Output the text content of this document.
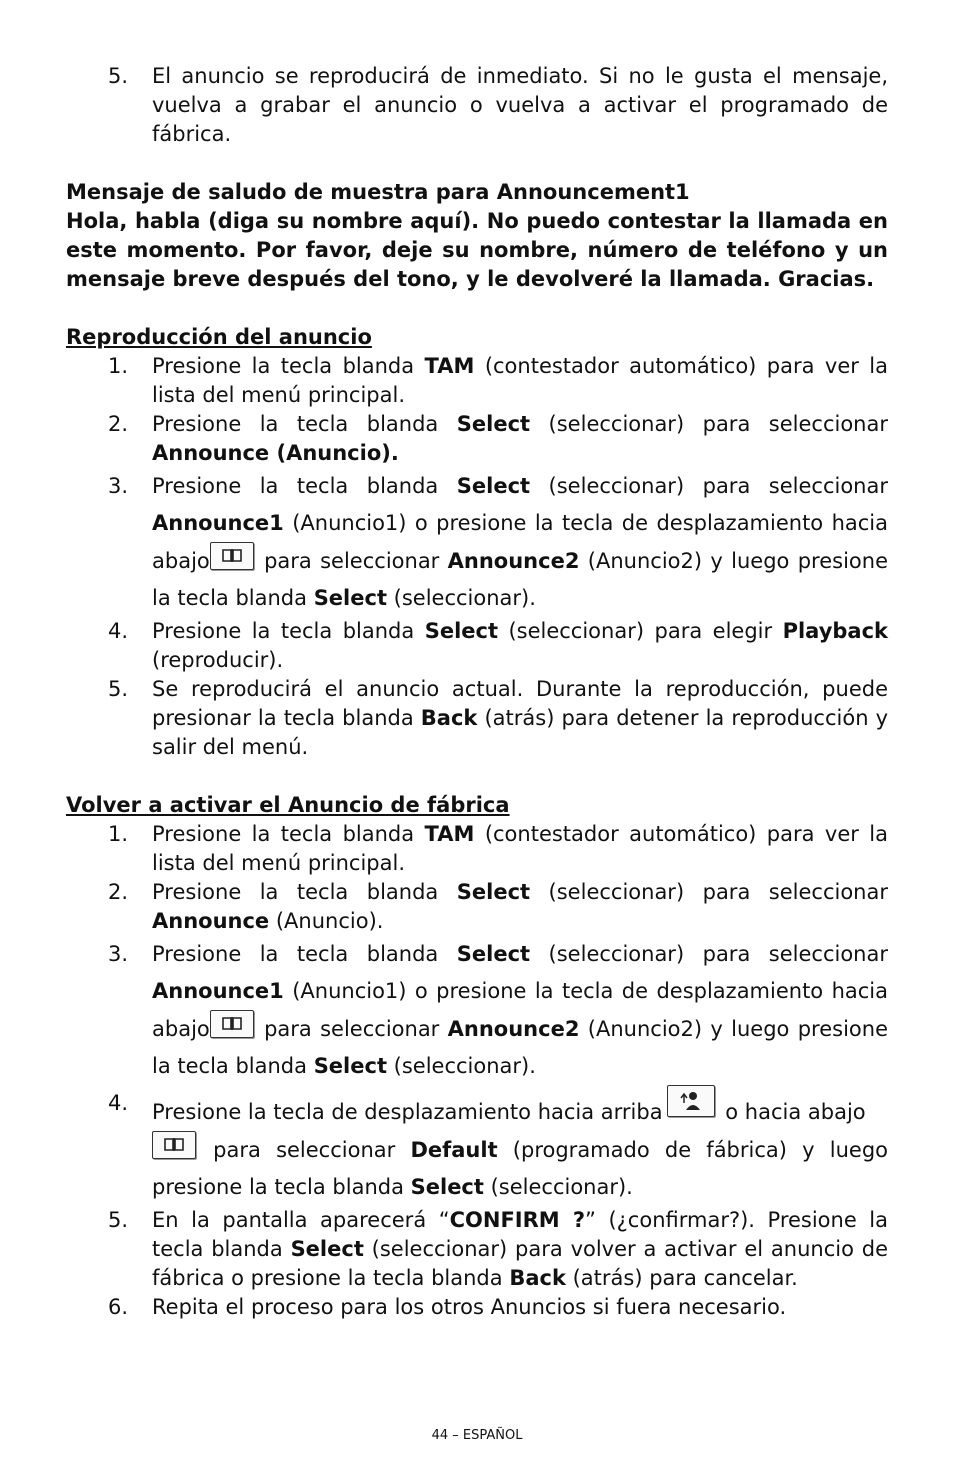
5. El anuncio se reproducirá de inmediato. Si no le gusta el mensaje, vuelva a grabar el anuncio o vuelva a activar el programado de fábrica.

Mensaje de saludo de muestra para Announcement1

Hola, habla (diga su nombre aquí). No puedo contestar la llamada en este momento. Por favor, deje su nombre, número de teléfono y un mensaje breve después del tono, y le devolveré la llamada. Gracias.

Reproducción del anuncio

1. Presione la tecla blanda TAM (contestador automático) para ver la lista del menú principal.
2. Presione la tecla blanda Select (seleccionar) para seleccionar Announce (Anuncio).
3. Presione la tecla blanda Select (seleccionar) para seleccionar Announce1 (Anuncio1) o presione la tecla de desplazamiento hacia abajo
para seleccionar Announce2 (Anuncio2) y luego presione la tecla blanda Select (seleccionar).
4. Presione la tecla blanda Select (seleccionar) para elegir Playback (reproducir).
5. Se reproducirá el anuncio actual. Durante la reproducción, puede presionar la tecla blanda Back (atrás) para detener la reproducción y salir del menú.

Volver a activar el Anuncio de fábrica

1. Presione la tecla blanda TAM (contestador automático) para ver la lista del menú principal.
2. Presione la tecla blanda Select (seleccionar) para seleccionar Announce (Anuncio).
3. Presione la tecla blanda Select (seleccionar) para seleccionar Announce1 (Anuncio1) o presione la tecla de desplazamiento hacia abajo
para seleccionar Announce2 (Anuncio2) y luego presione la tecla blanda Select (seleccionar).
4. Presione la tecla de desplazamiento hacia arriba	o hacia abajo

para seleccionar Default (programado de fábrica) y luego presione la tecla blanda Select (seleccionar).
5. En la pantalla aparecerá “CONFIRM ?” (¿confirmar?). Presione la tecla blanda Select (seleccionar) para volver a activar el anuncio de fábrica o presione la tecla blanda Back (atrás) para cancelar.
6. Repita el proceso para los otros Anuncios si fuera necesario.
44 – ESPAÑOL
